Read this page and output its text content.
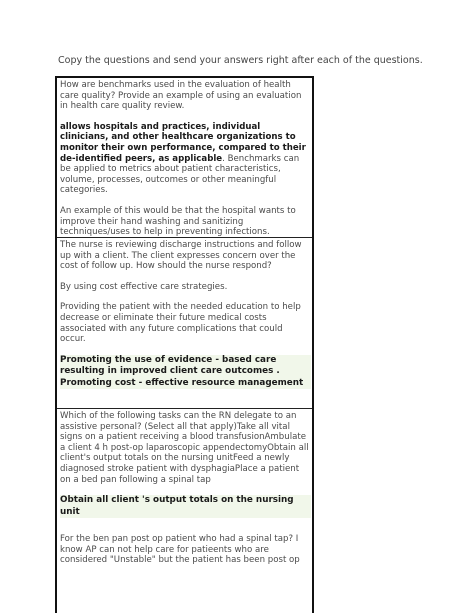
Copy the questions and send your answers right after each of the questions.

How are benchmarks used in the evaluation of health care quality? Provide an example of using an evaluation in health care quality review.

allows hospitals and practices, individual clinicians, and other healthcare organizations to monitor their own performance, compared to their de-identified peers, as applicable. Benchmarks can be applied to metrics about patient characteristics, volume, processes, outcomes or other meaningful categories.

An example of this would be that the hospital wants to improve their hand washing and sanitizing techniques/uses to help in preventing infections.

The nurse is reviewing discharge instructions and follow up with a client. The client expresses concern over the cost of follow up. How should the nurse respond?

By using cost effective care strategies.

Providing the patient with the needed education to help decrease or eliminate their future medical costs associated with any future complications that could occur.

Promoting the use of evidence - based care resulting in improved client care outcomes . Promoting cost - effective resource management

Which of the following tasks can the RN delegate to an assistive personal? (Select all that apply)Take all vital signs on a patient receiving a blood transfusionAmbulate a client 4 h post-op laparoscopic appendectomyObtain all client's output totals on the nursing unitFeed a newly diagnosed stroke patient with dysphagiaPlace a patient on a bed pan following a spinal tap

Obtain all client 's output totals on the nursing unit

For the ben pan post op patient who had a spinal tap? I know AP can not help care for patieents who are considered "Unstable" but the patient has been post op
